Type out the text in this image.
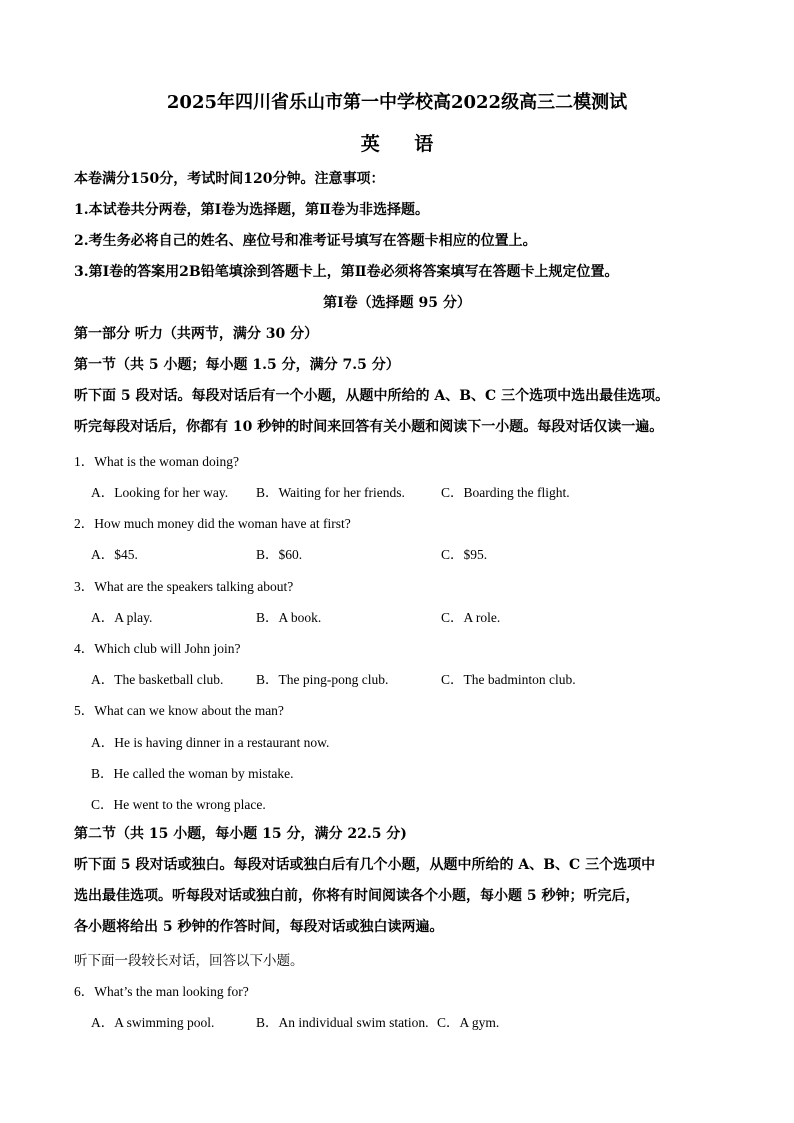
2025年四川省乐山市第一中学校高2022级高三二模测试
英 语
本卷满分150分，考试时间120分钟。注意事项：
1.本试卷共分两卷，第Ⅰ卷为选择题，第Ⅱ卷为非选择题。
2.考生务必将自己的姓名、座位号和准考证号填写在答题卡相应的位置上。
3.第Ⅰ卷的答案用2B铅笔填涂到答题卡上，第Ⅱ卷必须将答案填写在答题卡上规定位置。
第Ⅰ卷（选择题 95 分）
第一部分 听力（共两节，满分 30 分）
第一节（共 5 小题；每小题 1.5 分，满分 7.5 分）
听下面 5 段对话。每段对话后有一个小题，从题中所给的 A、B、C 三个选项中选出最佳选项。
听完每段对话后，你都有 10 秒钟的时间来回答有关小题和阅读下一小题。每段对话仅读一遍。
1．What is the woman doing?
A．Looking for her way. B．Waiting for her friends.	C．Boarding the flight.
2．How much money did the woman have at first?
A．$45.	B．$60.	C．$95.
3．What are the speakers talking about?
A．A play.	B．A book.	C．A role.
4．Which club will John join?
A．The basketball club. B．The ping-pong club.	C．The badminton club.
5．What can we know about the man?
A．He is having dinner in a restaurant now.
B．He called the woman by mistake.
C．He went to the wrong place.
第二节（共 15 小题，每小题 15 分，满分 22.5 分)
听下面 5 段对话或独白。每段对话或独白后有几个小题，从题中所给的 A、B、C 三个选项中
选出最佳选项。听每段对话或独白前，你将有时间阅读各个小题，每小题 5 秒钟；听完后，
各小题将给出 5 秒钟的作答时间，每段对话或独白读两遍。
听下面一段较长对话，回答以下小题。
6．What’s the man looking for?
A．A swimming pool.	B．An individual swim station. C．A gym.
